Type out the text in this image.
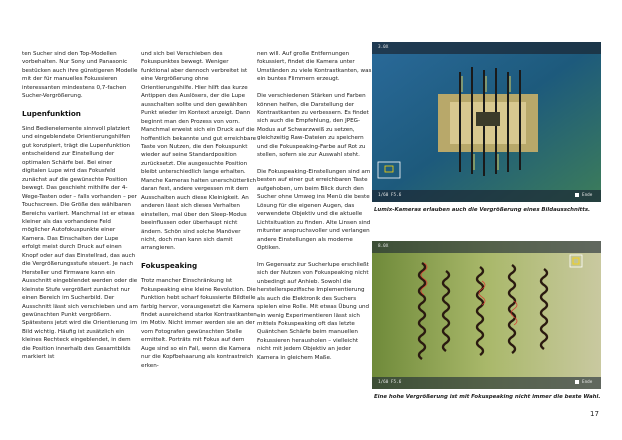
ten Sucher sind den Top-Modellen vorbehalten. Nur Sony und Panasonic bestücken auch ihre günstigeren Modelle mit der für manuelles Fokussieren interessanten mindestens 0,7-fachen Sucher-Vergrößerung.

Lupenfunktion

Sind Bedienelemente sinnvoll platziert und eingeblendete Orientierungshilfen gut konzipiert, trägt die Lupenfunktion entscheidend zur Einstellung der optimalen Schärfe bei. Bei einer digitalen Lupe wird das Fokusfeld zunächst auf die gewünschte Position bewegt. Das geschieht mithilfe der 4-Wege-Tasten oder – falls vorhanden – per Touchscreen. Die Größe des wählbaren Bereichs variiert. Manchmal ist er etwas kleiner als das vorhandene Feld möglicher Autofokuspunkte einer Kamera. Das Einschalten der Lupe erfolgt meist durch Druck auf einen Knopf oder auf das Einstellrad, das auch die Vergrößerungsstufe steuert. Je nach Hersteller und Firmware kann ein Ausschnitt eingeblendet werden oder die kleinste Stufe vergrößert zunächst nur einen Bereich im Sucherbild. Der Ausschnitt lässt sich verschieben und am gewünschten Punkt vergrößern. Spätestens jetzt wird die Orientierung im Bild wichtig. Häufig ist zusätzlich ein kleines Rechteck eingeblendet, in dem die Position innerhalb des Gesamtbilds markiert ist

und sich bei Verschieben des Fokuspunktes bewegt. Weniger funktional aber dennoch verbreitet ist eine Vergrößerung ohne Orientierungshilfe. Hier hilft das kurze Antippen des Auslösers, der die Lupe ausschalten sollte und den gewählten Punkt wieder im Kontext anzeigt. Dann beginnt man den Prozess von vorn. Manchmal erweist sich ein Druck auf die hoffentlich bekannte und gut erreichbare Taste von Nutzen, die den Fokuspunkt wieder auf seine Standardposition zurücksetzt. Die ausgesuchte Position bleibt unterschiedlich lange erhalten. Manche Kameras halten unerschütterlich daran fest, andere vergessen mit dem Ausschalten auch diese Kleinigkeit. An anderen lässt sich dieses Verhalten einstellen, mal über den Sleep-Modus beeinflussen oder überhaupt nicht ändern. Schön sind solche Manöver nicht, doch man kann sich damit arrangieren.

Fokuspeaking

Trotz mancher Einschränkung ist Fokuspeaking eine kleine Revolution. Die Funktion hebt scharf fokussierte Bildteile farbig hervor, vorausgesetzt die Kamera findet ausreichend starke Kontrastkanten im Motiv. Nicht immer werden sie an der vom Fotografen gewünschten Stelle ermittelt. Porträts mit Fokus auf dem Auge sind so ein Fall, wenn die Kamera nur die Kopfbehaarung als kontrastreich erken-

nen will. Auf große Entfernungen fokussiert, findet die Kamera unter Umständen zu viele Kontrastkanten, was ein buntes Flimmern erzeugt.

Die verschiedenen Stärken und Farben können helfen, die Darstellung der Kontrastkanten zu verbessern. Es findet sich auch die Empfehlung, den JPEG-Modus auf Schwarzweiß zu setzen, gleichzeitig Raw-Dateien zu speichern und die Fokuspeaking-Farbe auf Rot zu stellen, sofern sie zur Auswahl steht.

Die Fokuspeaking-Einstellungen sind am besten auf einer gut erreichbaren Taste aufgehoben, um beim Blick durch den Sucher ohne Umweg ins Menü die beste Lösung für die eigenen Augen, das verwendete Objektiv und die aktuelle Lichtsituation zu finden. Alte Linsen sind mitunter anspruchsvoller und verlangen andere Einstellungen als moderne Optiken.

Im Gegensatz zur Sucherlupe erschließt sich der Nutzen von Fokuspeaking nicht unbedingt auf Anhieb. Sowohl die herstellerspezifische Implementierung als auch die Elektronik des Suchers spielen eine Rolle. Mit etwas Übung und ein wenig Experimentieren lässt sich mittels Fokuspeaking oft das letzte Quäntchen Schärfe beim manuellen Fokussieren herausholen – vielleicht nicht mit jedem Objektiv an jeder Kamera in gleichem Maße.

3.0X
1/60 F5.6	Ende
Lumix-Kameras erlauben auch die Vergrößerung eines Bildausschnitts.
8.0X
1/60 F5.6	Ende
Eine hohe Vergrößerung ist mit Fokuspeaking nicht immer die beste Wahl.
17
